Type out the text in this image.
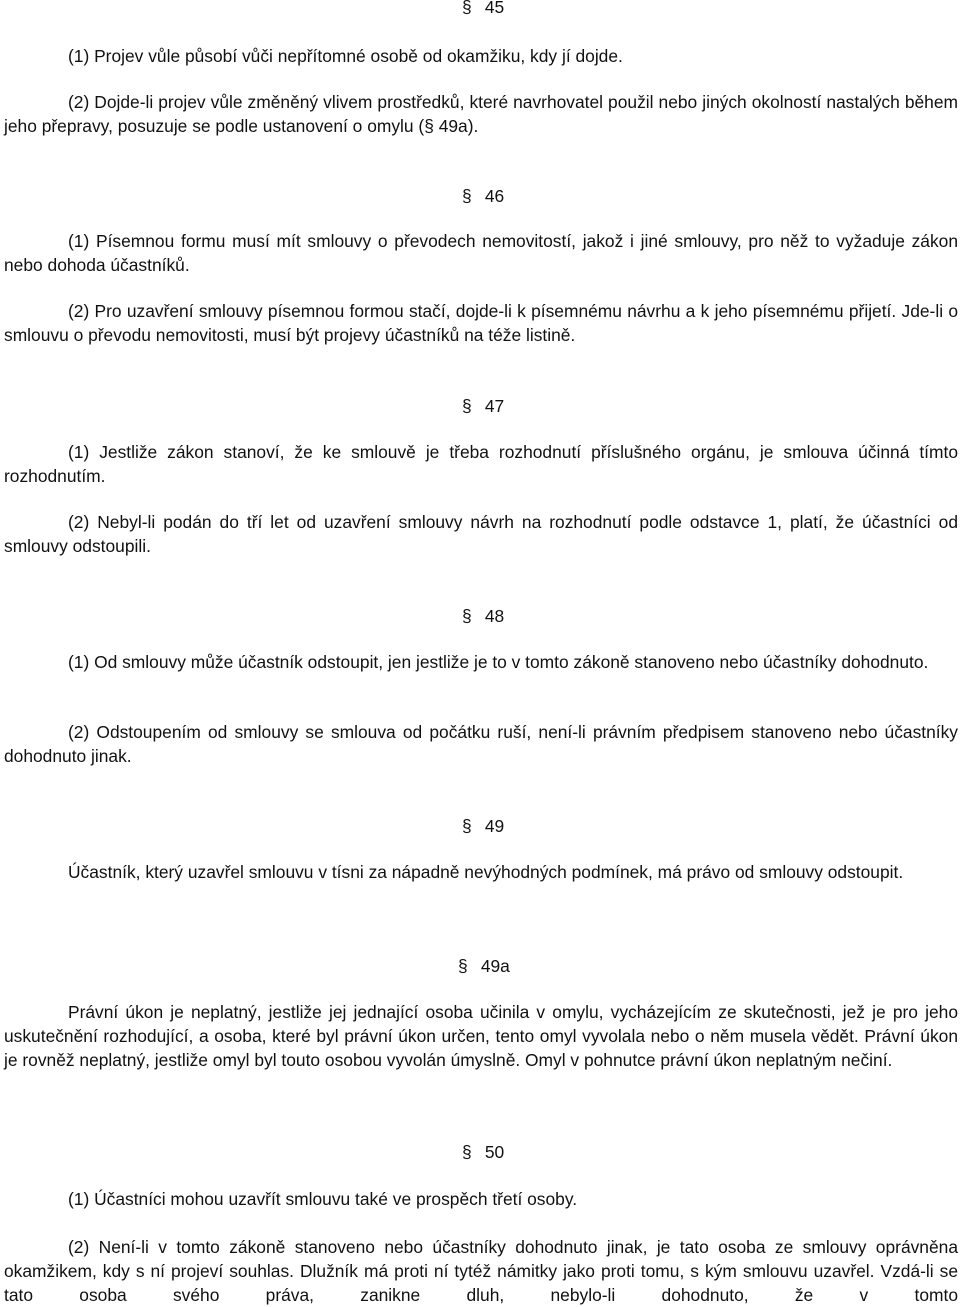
§ 45

(1) Projev vůle působí vůči nepřítomné osobě od okamžiku, kdy jí dojde.

(2) Dojde-li projev vůle změněný vlivem prostředků, které navrhovatel použil nebo jiných okolností nastalých během jeho přepravy, posuzuje se podle ustanovení o omylu (§ 49a).

§ 46

(1) Písemnou formu musí mít smlouvy o převodech nemovitostí, jakož i jiné smlouvy, pro něž to vyžaduje zákon nebo dohoda účastníků.

(2) Pro uzavření smlouvy písemnou formou stačí, dojde-li k písemnému návrhu a k jeho písemnému přijetí. Jde-li o smlouvu o převodu nemovitosti, musí být projevy účastníků na téže listině.

§ 47

(1) Jestliže zákon stanoví, že ke smlouvě je třeba rozhodnutí příslušného orgánu, je smlouva účinná tímto rozhodnutím.

(2) Nebyl-li podán do tří let od uzavření smlouvy návrh na rozhodnutí podle odstavce 1, platí, že účastníci od smlouvy odstoupili.

§ 48

(1) Od smlouvy může účastník odstoupit, jen jestliže je to v tomto zákoně stanoveno nebo účastníky dohodnuto.

(2) Odstoupením od smlouvy se smlouva od počátku ruší, není-li právním předpisem stanoveno nebo účastníky dohodnuto jinak.

§ 49

Účastník, který uzavřel smlouvu v tísni za nápadně nevýhodných podmínek, má právo od smlouvy odstoupit.

§ 49a

Právní úkon je neplatný, jestliže jej jednající osoba učinila v omylu, vycházejícím ze skutečnosti, jež je pro jeho uskutečnění rozhodující, a osoba, které byl právní úkon určen, tento omyl vyvolala nebo o něm musela vědět. Právní úkon je rovněž neplatný, jestliže omyl byl touto osobou vyvolán úmyslně. Omyl v pohnutce právní úkon neplatným nečiní.

§ 50

(1) Účastníci mohou uzavřít smlouvu také ve prospěch třetí osoby.

(2) Není-li v tomto zákoně stanoveno nebo účastníky dohodnuto jinak, je tato osoba ze smlouvy oprávněna okamžikem, kdy s ní projeví souhlas. Dlužník má proti ní tytéž námitky jako proti tomu, s kým smlouvu uzavřel. Vzdá-li se tato osoba svého práva, zanikne dluh, nebylo-li dohodnuto, že v tomto
